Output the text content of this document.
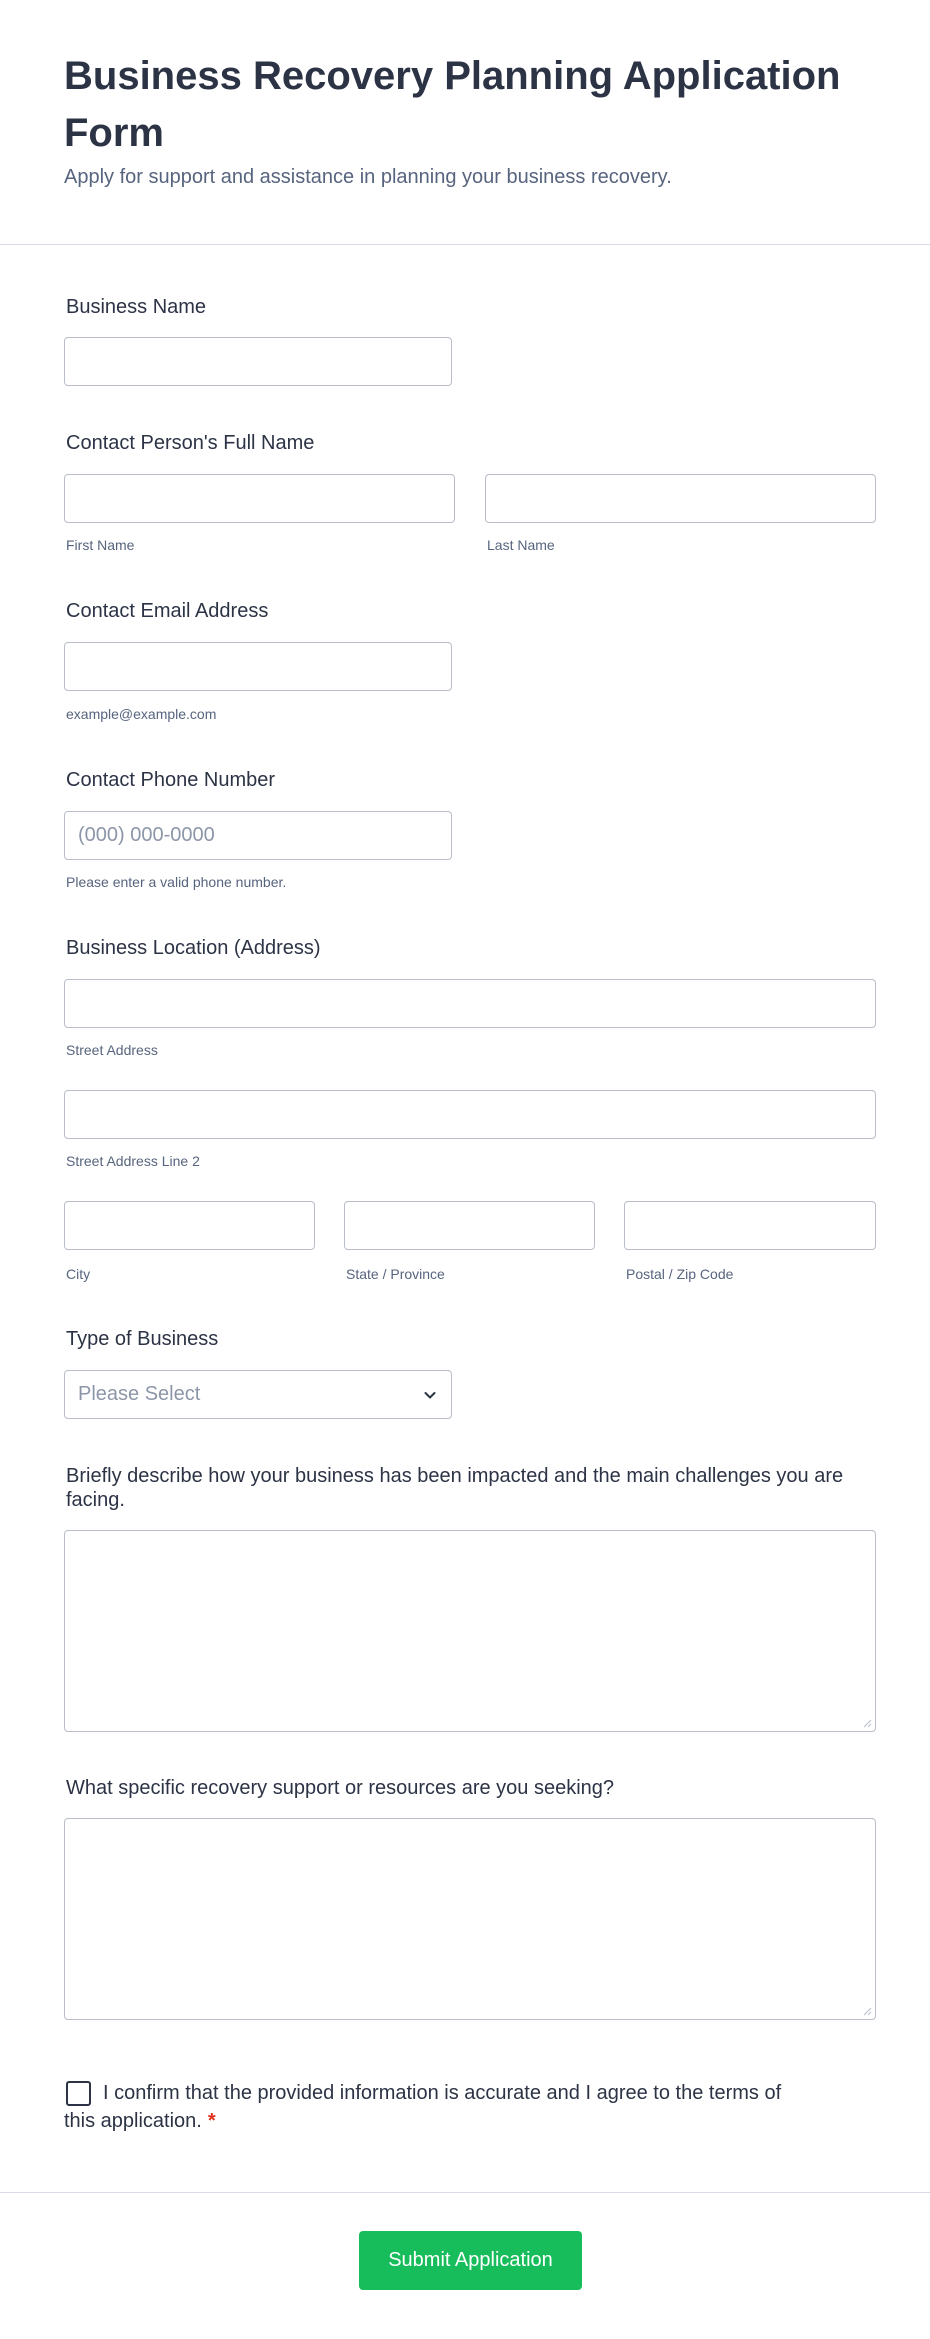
Business Recovery Planning Application Form
Apply for support and assistance in planning your business recovery.
Business Name
Contact Person's Full Name
First Name	Last Name
Contact Email Address
example@example.com
Contact Phone Number
(000) 000-0000
Please enter a valid phone number.
Business Location (Address)
Street Address
Street Address Line 2
City	State / Province	Postal / Zip Code
Type of Business
Please Select
Briefly describe how your business has been impacted and the main challenges you are facing.
What specific recovery support or resources are you seeking?
I confirm that the provided information is accurate and I agree to the terms of this application. *
Submit Application
